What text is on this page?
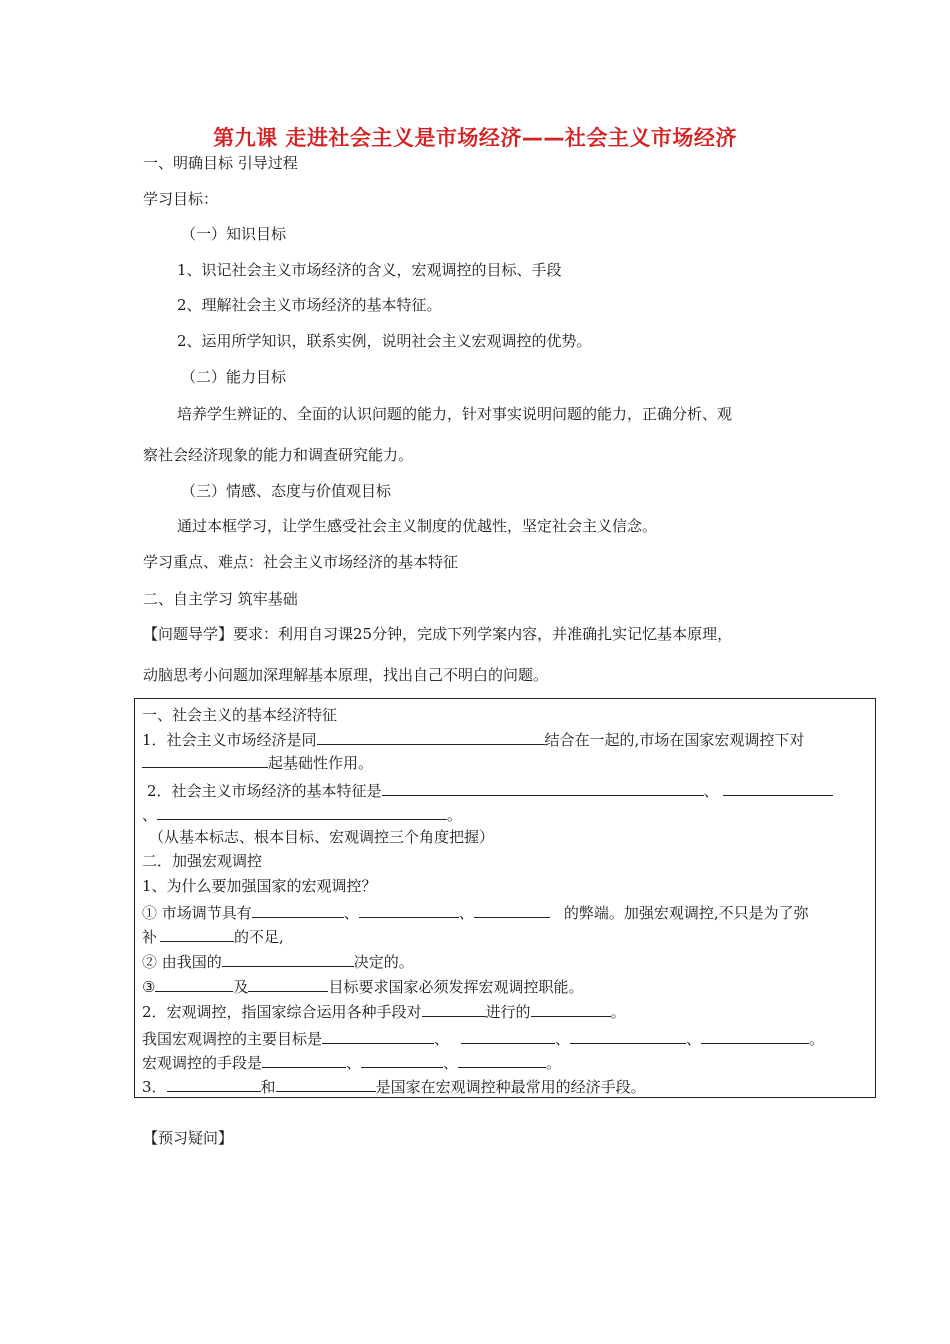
第九课 走进社会主义是市场经济——社会主义市场经济
一、明确目标 引导过程
学习目标：
（一）知识目标
1、识记社会主义市场经济的含义，宏观调控的目标、手段
2、理解社会主义市场经济的基本特征。
2、运用所学知识，联系实例，说明社会主义宏观调控的优势。
（二）能力目标
培养学生辨证的、全面的认识问题的能力，针对事实说明问题的能力，正确分析、观
察社会经济现象的能力和调查研究能力。
（三）情感、态度与价值观目标
通过本框学习，让学生感受社会主义制度的优越性，坚定社会主义信念。
学习重点、难点：社会主义市场经济的基本特征
二、自主学习 筑牢基础
【问题导学】要求：利用自习课25分钟，完成下列学案内容，并准确扎实记忆基本原理，
动脑思考小问题加深理解基本原理，找出自己不明白的问题。
一、社会主义的基本经济特征
1．社会主义市场经济是同	结合在一起的,市场在国家宏观调控下对
起基础性作用。
2．社会主义市场经济的基本特征是	、
、	。
（从基本标志、根本目标、宏观调控三个角度把握）
二．加强宏观调控
1、为什么要加强国家的宏观调控？
① 市场调节具有	、	、	的弊端。加强宏观调控,不只是为了弥
补	的不足,
② 由我国的	决定的。
③	及	目标要求国家必须发挥宏观调控职能。
2．宏观调控，指国家综合运用各种手段对	进行的	。
我国宏观调控的主要目标是	、	、	、	。
宏观调控的手段是	、	、	。
3．	和	是国家在宏观调控种最常用的经济手段。
【预习疑问】
